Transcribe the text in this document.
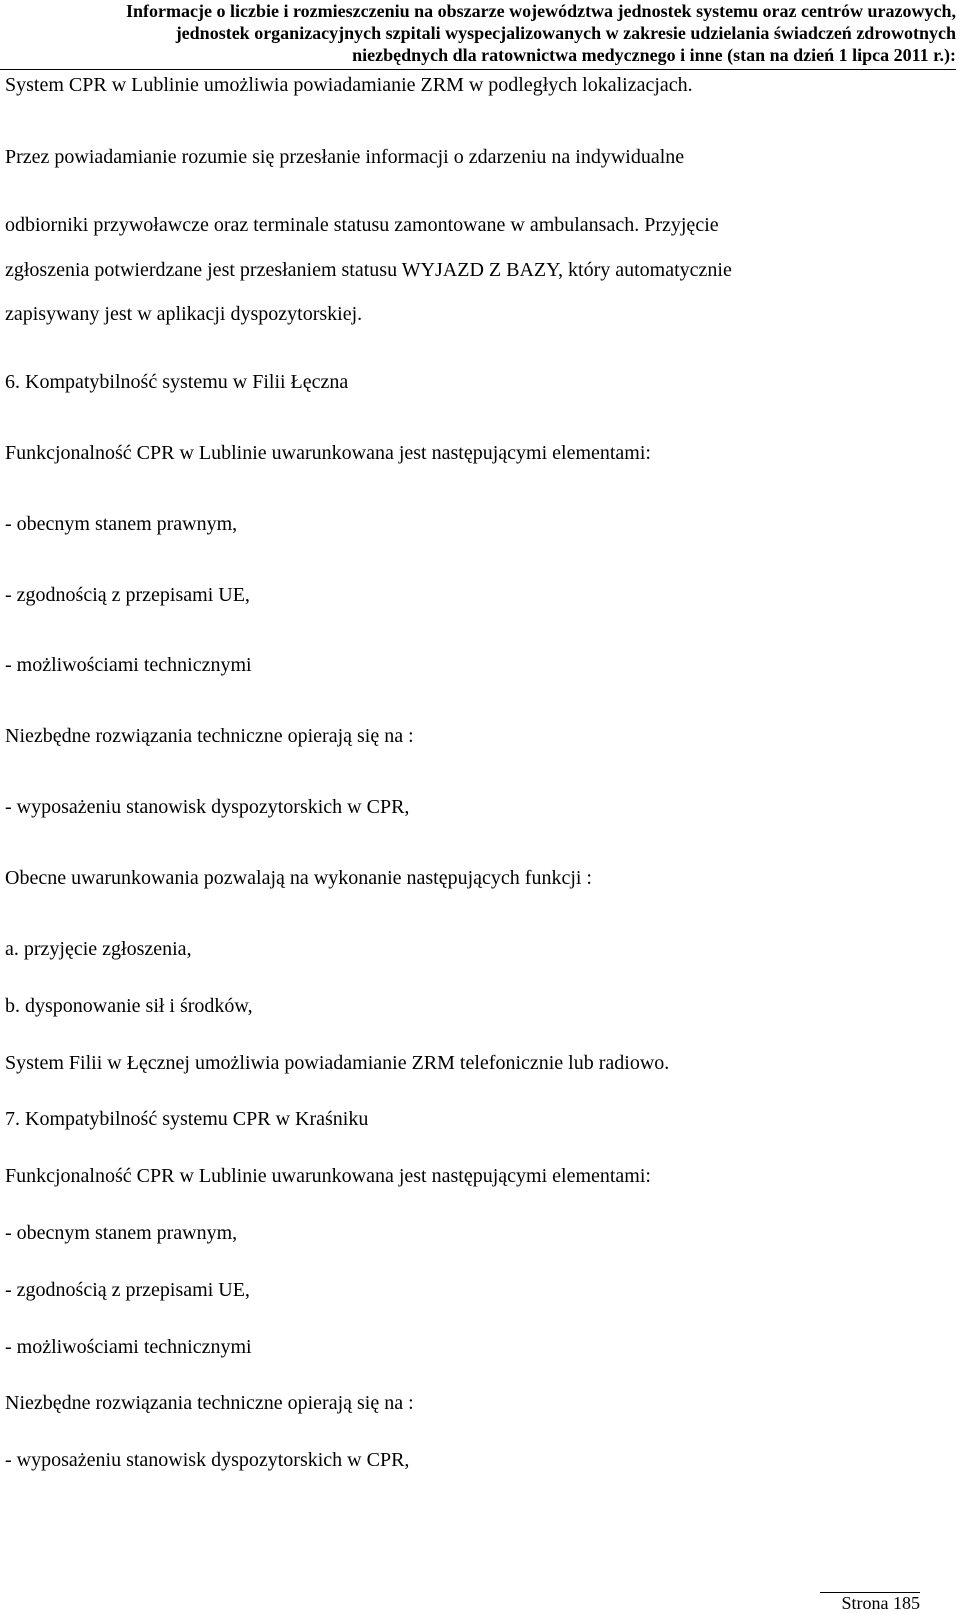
Informacje o liczbie i rozmieszczeniu na obszarze województwa jednostek systemu oraz centrów urazowych,
jednostek organizacyjnych szpitali wyspecjalizowanych w zakresie udzielania świadczeń zdrowotnych
niezbędnych dla ratownictwa medycznego i inne (stan na dzień 1 lipca 2011 r.):
System CPR w Lublinie umożliwia powiadamianie ZRM w podległych lokalizacjach.
Przez powiadamianie rozumie się przesłanie informacji o zdarzeniu na indywidualne
odbiorniki przywoławcze oraz terminale statusu zamontowane w ambulansach. Przyjęcie
zgłoszenia potwierdzane jest przesłaniem statusu WYJAZD Z BAZY, który automatycznie
zapisywany jest w aplikacji dyspozytorskiej.
6. Kompatybilność systemu w Filii Łęczna
Funkcjonalność CPR w Lublinie uwarunkowana jest następującymi elementami:
- obecnym stanem prawnym,
- zgodnością z przepisami UE,
- możliwościami technicznymi
Niezbędne rozwiązania techniczne opierają się na :
- wyposażeniu stanowisk dyspozytorskich w CPR,
Obecne uwarunkowania pozwalają na wykonanie następujących funkcji :
a. przyjęcie zgłoszenia,
b. dysponowanie sił i środków,
System Filii w Łęcznej umożliwia powiadamianie ZRM telefonicznie lub radiowo.
7. Kompatybilność systemu CPR w Kraśniku
Funkcjonalność CPR w Lublinie uwarunkowana jest następującymi elementami:
- obecnym stanem prawnym,
- zgodnością z przepisami UE,
- możliwościami technicznymi
Niezbędne rozwiązania techniczne opierają się na :
- wyposażeniu stanowisk dyspozytorskich w CPR,
Strona 185
